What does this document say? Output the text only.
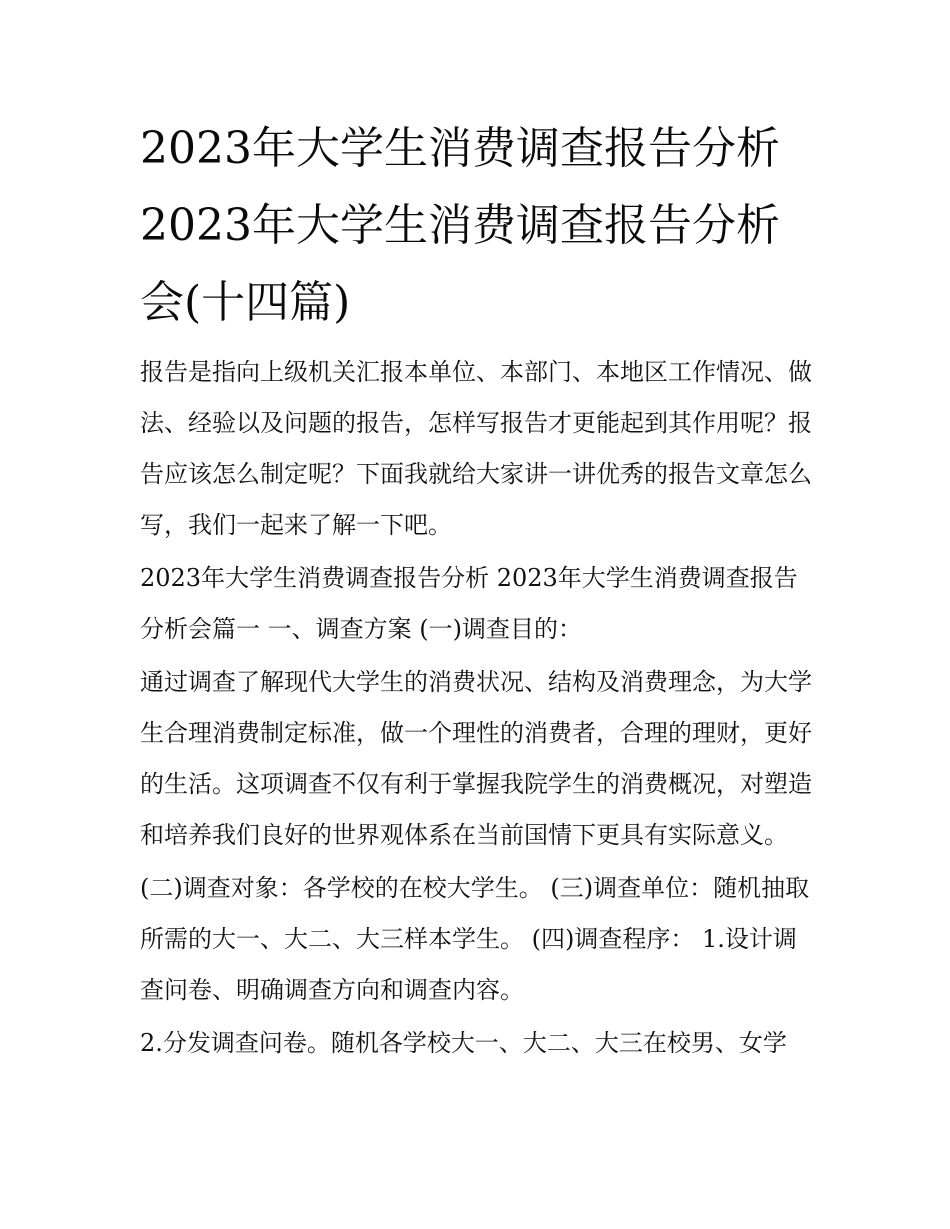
2023年大学生消费调查报告分析 2023年大学生消费调查报告分析会(十四篇)

报告是指向上级机关汇报本单位、本部门、本地区工作情况、做法、经验以及问题的报告，怎样写报告才更能起到其作用呢？报告应该怎么制定呢？下面我就给大家讲一讲优秀的报告文章怎么写，我们一起来了解一下吧。

2023年大学生消费调查报告分析 2023年大学生消费调查报告分析会篇一 一、调查方案 (一)调查目的：

通过调查了解现代大学生的消费状况、结构及消费理念，为大学生合理消费制定标准，做一个理性的消费者，合理的理财，更好的生活。这项调查不仅有利于掌握我院学生的消费概况，对塑造和培养我们良好的世界观体系在当前国情下更具有实际意义。

(二)调查对象：各学校的在校大学生。 (三)调查单位：随机抽取所需的大一、大二、大三样本学生。 (四)调查程序： 1.设计调查问卷、明确调查方向和调查内容。

2.分发调查问卷。随机各学校大一、大二、大三在校男、女学
